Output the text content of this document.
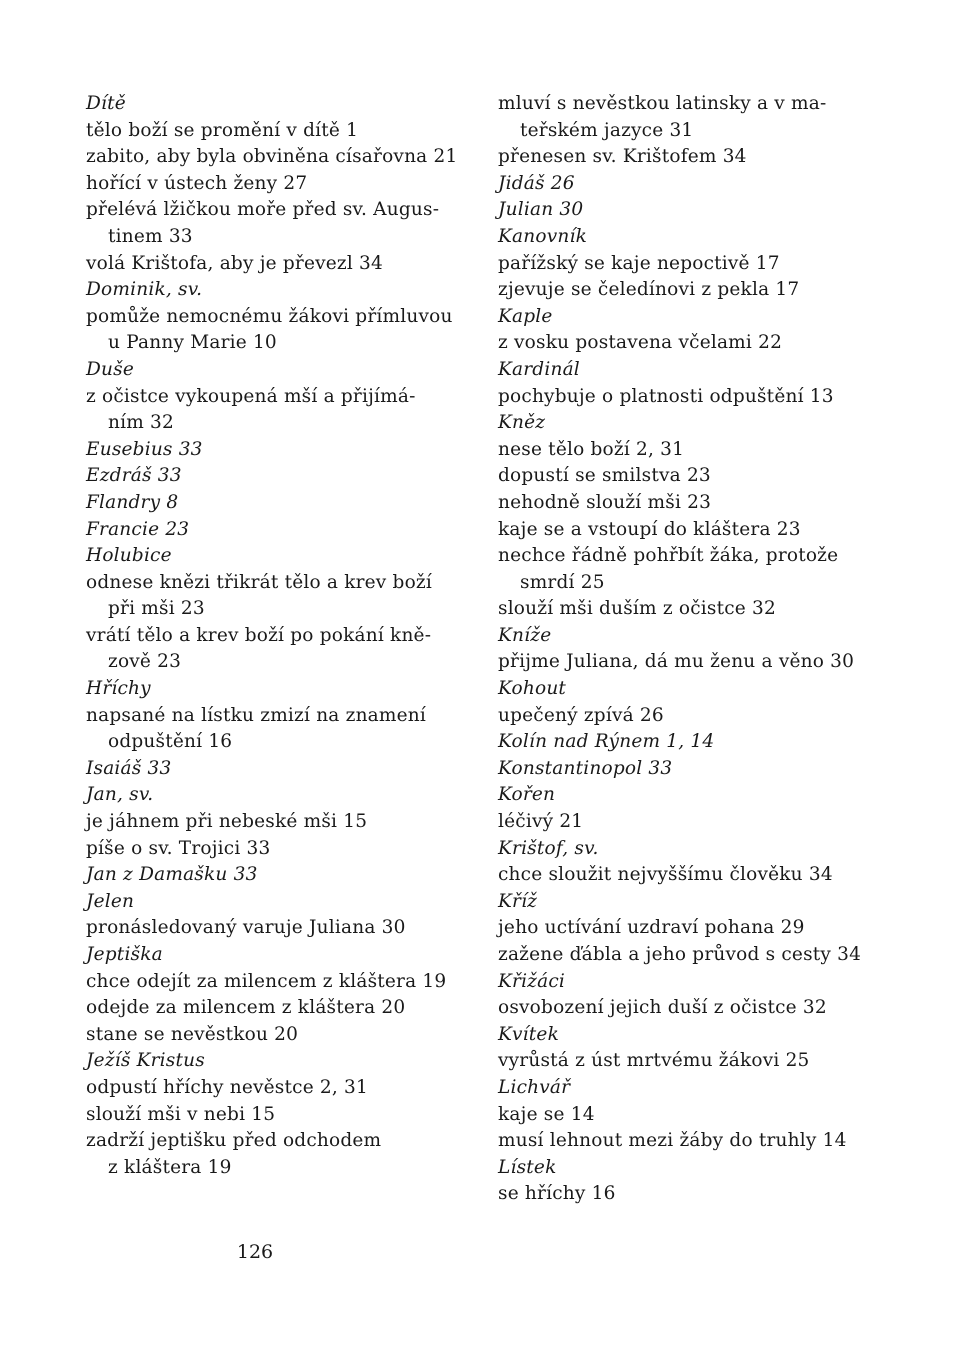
Dítě
tělo boží se promění v dítě 1
zabito, aby byla obviněna císařovna 21
hořící v ústech ženy 27
přelévá lžičkou moře před sv. Augus-
tinem 33
volá Krištofa, aby je převezl 34
Dominik, sv.
pomůže nemocnému žákovi přímluvou
u Panny Marie 10
Duše
z očistce vykoupená mší a přijímá-
ním 32
Eusebius 33
Ezdráš 33
Flandry 8
Francie 23
Holubice
odnese knězi třikrát tělo a krev boží
při mši 23
vrátí tělo a krev boží po pokání kně-
zově 23
Hříchy
napsané na lístku zmizí na znamení
odpuštění 16
Isaiáš 33
Jan, sv.
je jáhnem při nebeské mši 15
píše o sv. Trojici 33
Jan z Damašku 33
Jelen
pronásledovaný varuje Juliana 30
Jeptiška
chce odejít za milencem z kláštera 19
odejde za milencem z kláštera 20
stane se nevěstkou 20
Ježíš Kristus
odpustí hříchy nevěstce 2, 31
slouží mši v nebi 15
zadrží jeptišku před odchodem
z kláštera 19
mluví s nevěstkou latinsky a v ma-
teřském jazyce 31
přenesen sv. Krištofem 34
Jidáš 26
Julian 30
Kanovník
pařížský se kaje nepoctivě 17
zjevuje se čeledínovi z pekla 17
Kaple
z vosku postavena včelami 22
Kardinál
pochybuje o platnosti odpuštění 13
Kněz
nese tělo boží 2, 31
dopustí se smilstva 23
nehodně slouží mši 23
kaje se a vstoupí do kláštera 23
nechce řádně pohřbít žáka, protože
smrdí 25
slouží mši duším z očistce 32
Kníže
přijme Juliana, dá mu ženu a věno 30
Kohout
upečený zpívá 26
Kolín nad Rýnem 1, 14
Konstantinopol 33
Kořen
léčivý 21
Krištof, sv.
chce sloužit nejvyššímu člověku 34
Kříž
jeho uctívání uzdraví pohana 29
zažene ďábla a jeho průvod s cesty 34
Křižáci
osvobození jejich duší z očistce 32
Kvítek
vyrůstá z úst mrtvému žákovi 25
Lichvář
kaje se 14
musí lehnout mezi žáby do truhly 14
Lístek
se hříchy 16
126
